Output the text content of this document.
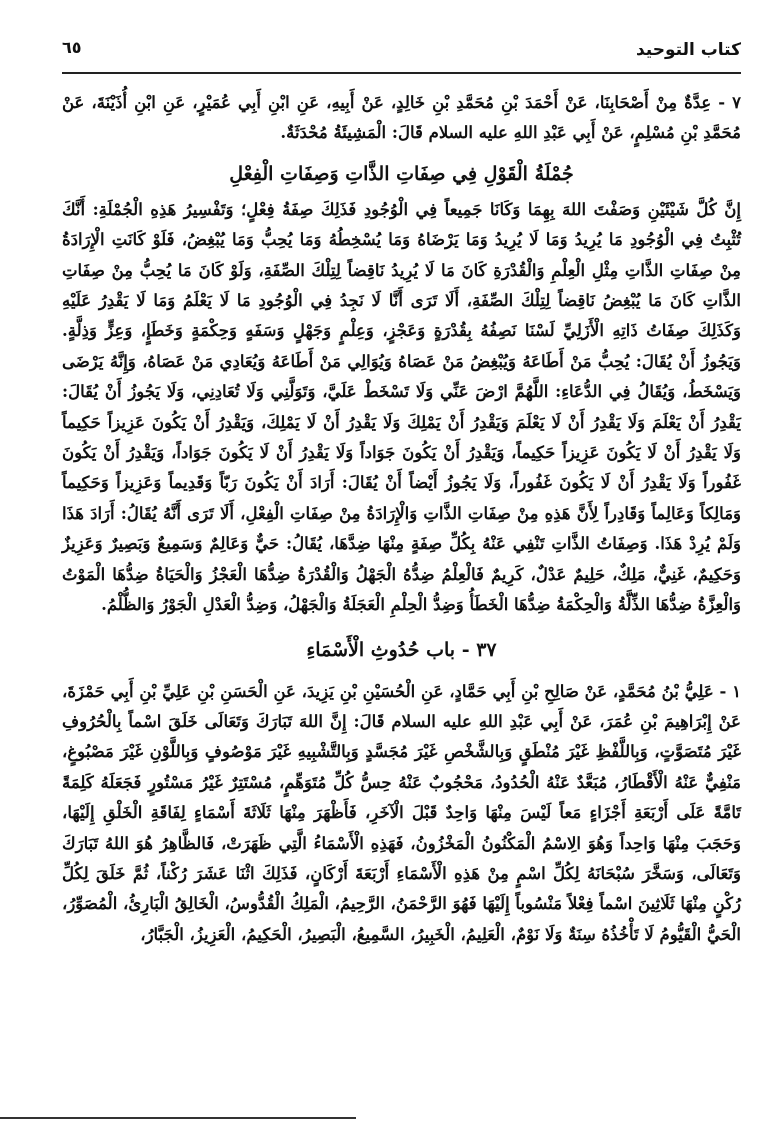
كتاب التوحيد
٦٥

٧ - عِدَّةٌ مِنْ أَصْحَابِنَا، عَنْ أَحْمَدَ بْنِ مُحَمَّدِ بْنِ خَالِدٍ، عَنْ أَبِيهِ، عَنِ ابْنِ أَبِي عُمَيْرٍ، عَنِ ابْنِ أُذَيْنَةَ، عَنْ مُحَمَّدِ بْنِ مُسْلِمٍ، عَنْ أَبِي عَبْدِ اللهِ عليه السلام قَالَ: الْمَشِيئَةُ مُحْدَثَةٌ.

جُمْلَةُ الْقَوْلِ فِي صِفَاتِ الذَّاتِ وَصِفَاتِ الْفِعْلِ

إِنَّ كُلَّ شَيْئَيْنِ وَصَفْتَ اللهَ بِهِمَا وَكَانَا جَمِيعاً فِي الْوُجُودِ فَذَلِكَ صِفَةُ فِعْلٍ؛ وَتَفْسِيرُ هَذِهِ الْجُمْلَةِ: أَنَّكَ تُثْبِتُ فِي الْوُجُودِ مَا يُرِيدُ وَمَا لَا يُرِيدُ وَمَا يَرْضَاهُ وَمَا يُسْخِطُهُ وَمَا يُحِبُّ وَمَا يُبْغِضُ، فَلَوْ كَانَتِ الْإِرَادَةُ مِنْ صِفَاتِ الذَّاتِ مِثْلِ الْعِلْمِ وَالْقُدْرَةِ كَانَ مَا لَا يُرِيدُ نَاقِضاً لِتِلْكَ الصِّفَةِ، وَلَوْ كَانَ مَا يُحِبُّ مِنْ صِفَاتِ الذَّاتِ كَانَ مَا يُبْغِضُ نَاقِضاً لِتِلْكَ الصِّفَةِ، أَلَا تَرَى أَنَّا لَا نَجِدُ فِي الْوُجُودِ مَا لَا يَعْلَمُ وَمَا لَا يَقْدِرُ عَلَيْهِ وَكَذَلِكَ صِفَاتُ ذَاتِهِ الْأَزَلِيِّ لَسْنَا نَصِفُهُ بِقُدْرَةٍ وَعَجْزٍ، وَعِلْمٍ وَجَهْلٍ وَسَفَهٍ وَحِكْمَةٍ وَخَطَإٍ، وَعِزٍّ وَذِلَّةٍ. وَيَجُوزُ أَنْ يُقَالَ: يُحِبُّ مَنْ أَطَاعَهُ وَيُبْغِضُ مَنْ عَصَاهُ وَيُوَالِي مَنْ أَطَاعَهُ وَيُعَادِي مَنْ عَصَاهُ، وَإِنَّهُ يَرْضَى وَيَسْخَطُ، وَيُقَالُ فِي الدُّعَاءِ: اللَّهُمَّ ارْضَ عَنِّي وَلَا تَسْخَطْ عَلَيَّ، وَتَوَلَّنِي وَلَا تُعَادِنِي، وَلَا يَجُوزُ أَنْ يُقَالَ: يَقْدِرُ أَنْ يَعْلَمَ وَلَا يَقْدِرُ أَنْ لَا يَعْلَمَ وَيَقْدِرُ أَنْ يَمْلِكَ وَلَا يَقْدِرُ أَنْ لَا يَمْلِكَ، وَيَقْدِرُ أَنْ يَكُونَ عَزِيزاً حَكِيماً وَلَا يَقْدِرُ أَنْ لَا يَكُونَ عَزِيزاً حَكِيماً، وَيَقْدِرُ أَنْ يَكُونَ جَوَاداً وَلَا يَقْدِرُ أَنْ لَا يَكُونَ جَوَاداً، وَيَقْدِرُ أَنْ يَكُونَ غَفُوراً وَلَا يَقْدِرُ أَنْ لَا يَكُونَ غَفُوراً، وَلَا يَجُوزُ أَيْضاً أَنْ يُقَالَ: أَرَادَ أَنْ يَكُونَ رَبّاً وَقَدِيماً وَعَزِيزاً وَحَكِيماً وَمَالِكاً وَعَالِماً وَقَادِراً لِأَنَّ هَذِهِ مِنْ صِفَاتِ الذَّاتِ وَالْإِرَادَةُ مِنْ صِفَاتِ الْفِعْلِ، أَلَا تَرَى أَنَّهُ يُقَالُ: أَرَادَ هَذَا وَلَمْ يُرِدْ هَذَا. وَصِفَاتُ الذَّاتِ تَنْفِي عَنْهُ بِكُلِّ صِفَةٍ مِنْهَا ضِدَّهَا، يُقَالُ: حَيٌّ وَعَالِمٌ وَسَمِيعٌ وَبَصِيرٌ وَعَزِيزٌ وَحَكِيمٌ، غَنِيٌّ، مَلِكٌ، حَلِيمٌ عَدْلٌ، كَرِيمٌ فَالْعِلْمُ ضِدُّهُ الْجَهْلُ وَالْقُدْرَةُ ضِدُّهَا الْعَجْزُ وَالْحَيَاةُ ضِدُّهَا الْمَوْتُ وَالْعِزَّةُ ضِدُّهَا الذِّلَّةُ وَالْحِكْمَةُ ضِدُّهَا الْخَطَأُ وَضِدُّ الْحِلْمِ الْعَجَلَةُ وَالْجَهْلُ، وَضِدُّ الْعَدْلِ الْجَوْرُ وَالظُّلْمُ.

٣٧ - باب حُدُوثِ الْأَسْمَاءِ

١ - عَلِيُّ بْنُ مُحَمَّدٍ، عَنْ صَالِحِ بْنِ أَبِي حَمَّادٍ، عَنِ الْحُسَيْنِ بْنِ يَزِيدَ، عَنِ الْحَسَنِ بْنِ عَلِيِّ بْنِ أَبِي حَمْزَةَ، عَنْ إِبْرَاهِيمَ بْنِ عُمَرَ، عَنْ أَبِي عَبْدِ اللهِ عليه السلام قَالَ: إِنَّ اللهَ تَبَارَكَ وَتَعَالَى خَلَقَ اسْماً بِالْحُرُوفِ غَيْرَ مُتَصَوَّتٍ، وَبِاللَّفْظِ غَيْرَ مُنْطَقٍ وَبِالشَّخْصِ غَيْرَ مُجَسَّدٍ وَبِالتَّشْبِيهِ غَيْرَ مَوْصُوفٍ وَبِاللَّوْنِ غَيْرَ مَصْبُوغٍ، مَنْفِيٌّ عَنْهُ الْأَقْطَارُ، مُبَعَّدٌ عَنْهُ الْحُدُودُ، مَحْجُوبٌ عَنْهُ حِسُّ كُلِّ مُتَوَهِّمٍ، مُسْتَتِرٌ غَيْرُ مَسْتُورٍ فَجَعَلَهُ كَلِمَةً تَامَّةً عَلَى أَرْبَعَةِ أَجْزَاءٍ مَعاً لَيْسَ مِنْهَا وَاحِدٌ قَبْلَ الْآخَرِ، فَأَظْهَرَ مِنْهَا ثَلَاثَةَ أَسْمَاءٍ لِفَاقَةِ الْخَلْقِ إِلَيْهَا، وَحَجَبَ مِنْهَا وَاحِداً وَهُوَ الِاسْمُ الْمَكْنُونُ الْمَخْزُونُ، فَهَذِهِ الْأَسْمَاءُ الَّتِي ظَهَرَتْ، فَالظَّاهِرُ هُوَ اللهُ تَبَارَكَ وَتَعَالَى، وَسَخَّرَ سُبْحَانَهُ لِكُلِّ اسْمٍ مِنْ هَذِهِ الْأَسْمَاءِ أَرْبَعَةَ أَرْكَانٍ، فَذَلِكَ اثْنَا عَشَرَ رُكْناً، ثُمَّ خَلَقَ لِكُلِّ رُكْنٍ مِنْهَا ثَلَاثِينَ اسْماً فِعْلاً مَنْسُوباً إِلَيْهَا فَهُوَ الرَّحْمَنُ، الرَّحِيمُ، الْمَلِكُ الْقُدُّوسُ، الْخَالِقُ الْبَارِئُ، الْمُصَوِّرُ، الْحَيُّ الْقَيُّومُ لَا تَأْخُذُهُ سِنَةٌ وَلَا نَوْمٌ، الْعَلِيمُ، الْخَبِيرُ، السَّمِيعُ، الْبَصِيرُ، الْحَكِيمُ، الْعَزِيزُ، الْجَبَّارُ،
